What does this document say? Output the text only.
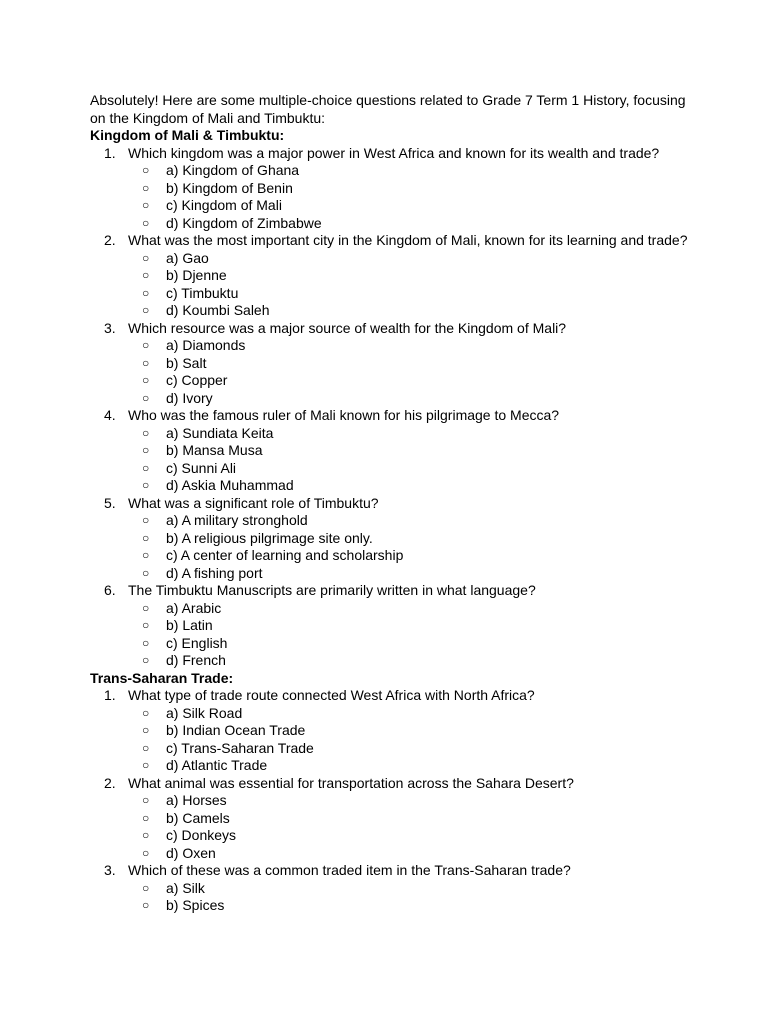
Absolutely! Here are some multiple-choice questions related to Grade 7 Term 1 History, focusing on the Kingdom of Mali and Timbuktu:

Kingdom of Mali & Timbuktu:

1. Which kingdom was a major power in West Africa and known for its wealth and trade?
○ a) Kingdom of Ghana
○ b) Kingdom of Benin
○ c) Kingdom of Mali
○ d) Kingdom of Zimbabwe
2. What was the most important city in the Kingdom of Mali, known for its learning and trade?
○ a) Gao
○ b) Djenne
○ c) Timbuktu
○ d) Koumbi Saleh
3. Which resource was a major source of wealth for the Kingdom of Mali?
○ a) Diamonds
○ b) Salt
○ c) Copper
○ d) Ivory
4. Who was the famous ruler of Mali known for his pilgrimage to Mecca?
○ a) Sundiata Keita
○ b) Mansa Musa
○ c) Sunni Ali
○ d) Askia Muhammad
5. What was a significant role of Timbuktu?
○ a) A military stronghold
○ b) A religious pilgrimage site only.
○ c) A center of learning and scholarship
○ d) A fishing port
6. The Timbuktu Manuscripts are primarily written in what language?
○ a) Arabic
○ b) Latin
○ c) English
○ d) French

Trans-Saharan Trade:

1. What type of trade route connected West Africa with North Africa?
○ a) Silk Road
○ b) Indian Ocean Trade
○ c) Trans-Saharan Trade
○ d) Atlantic Trade
2. What animal was essential for transportation across the Sahara Desert?
○ a) Horses
○ b) Camels
○ c) Donkeys
○ d) Oxen
3. Which of these was a common traded item in the Trans-Saharan trade?
○ a) Silk
○ b) Spices
